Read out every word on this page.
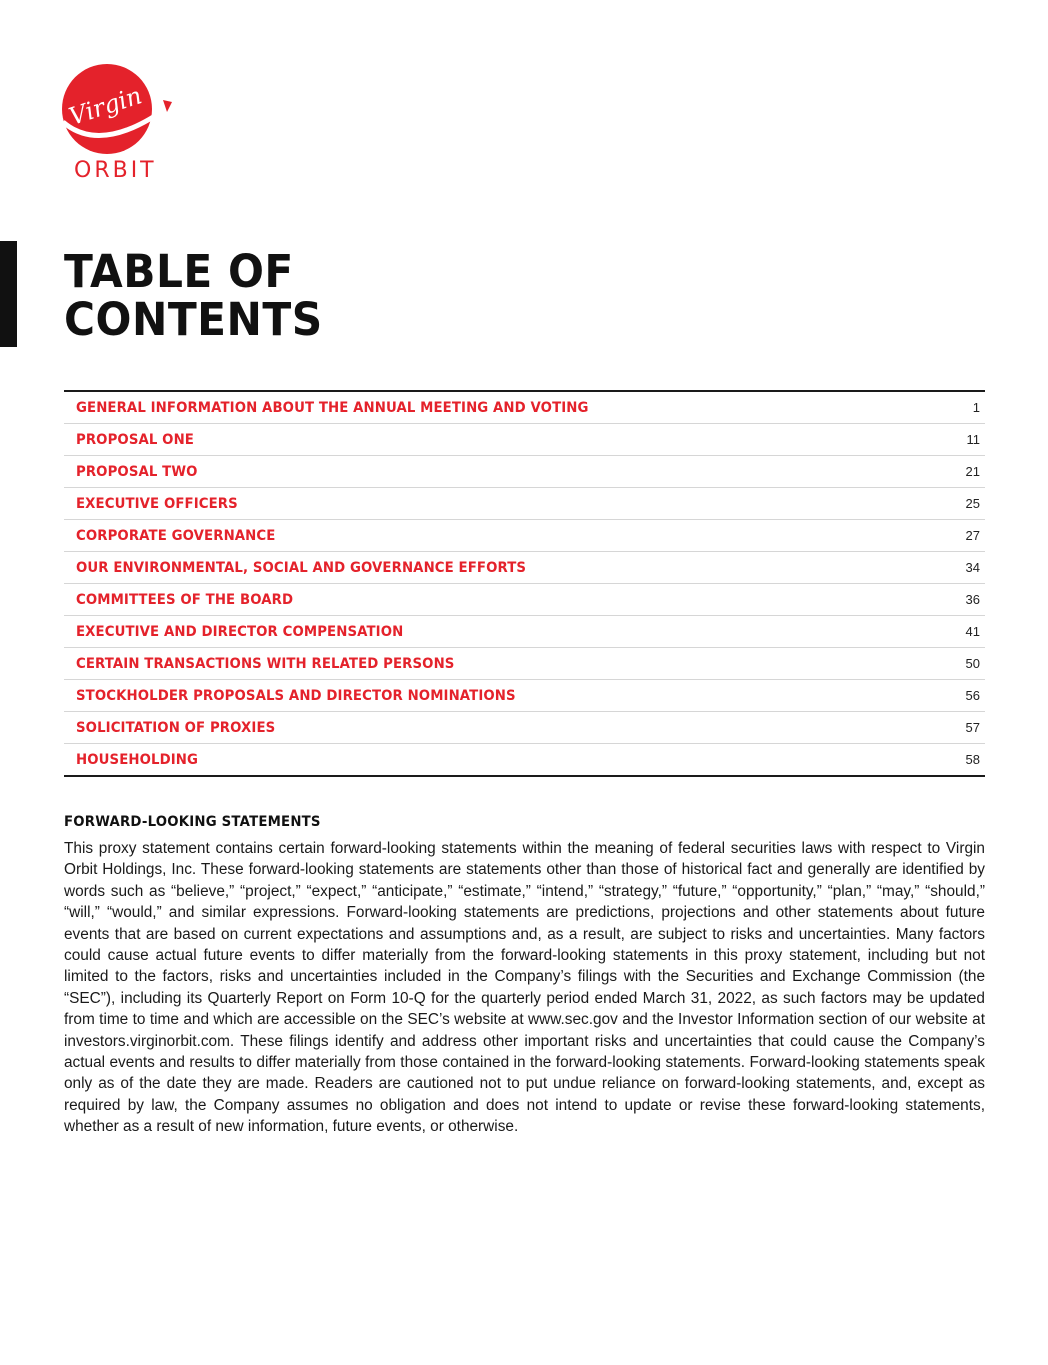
Virgin
ORBIT
TABLE OF
CONTENTS
GENERAL INFORMATION ABOUT THE ANNUAL MEETING AND VOTING	1
PROPOSAL ONE	11
PROPOSAL TWO	21
EXECUTIVE OFFICERS	25
CORPORATE GOVERNANCE	27
OUR ENVIRONMENTAL, SOCIAL AND GOVERNANCE EFFORTS	34
COMMITTEES OF THE BOARD	36
EXECUTIVE AND DIRECTOR COMPENSATION	41
CERTAIN TRANSACTIONS WITH RELATED PERSONS	50
STOCKHOLDER PROPOSALS AND DIRECTOR NOMINATIONS	56
SOLICITATION OF PROXIES	57
HOUSEHOLDING	58
FORWARD-LOOKING STATEMENTS

This proxy statement contains certain forward-looking statements within the meaning of federal securities laws with respect to Virgin Orbit Holdings, Inc. These forward-looking statements are statements other than those of historical fact and generally are identified by words such as “believe,” “project,” “expect,” “anticipate,” “estimate,” “intend,” “strategy,” “future,” “opportunity,” “plan,” “may,” “should,” “will,” “would,” and similar expressions. Forward-looking statements are predictions, projections and other statements about future events that are based on current expectations and assumptions and, as a result, are subject to risks and uncertainties. Many factors could cause actual future events to differ materially from the forward-looking statements in this proxy statement, including but not limited to the factors, risks and uncertainties included in the Company’s filings with the Securities and Exchange Commission (the “SEC”), including its Quarterly Report on Form 10-Q for the quarterly period ended March 31, 2022, as such factors may be updated from time to time and which are accessible on the SEC’s website at www.sec.gov and the Investor Information section of our website at investors.virginorbit.com. These filings identify and address other important risks and uncertainties that could cause the Company’s actual events and results to differ materially from those contained in the forward-looking statements. Forward-looking statements speak only as of the date they are made. Readers are cautioned not to put undue reliance on forward-looking statements, and, except as required by law, the Company assumes no obligation and does not intend to update or revise these forward-looking statements, whether as a result of new information, future events, or otherwise.
